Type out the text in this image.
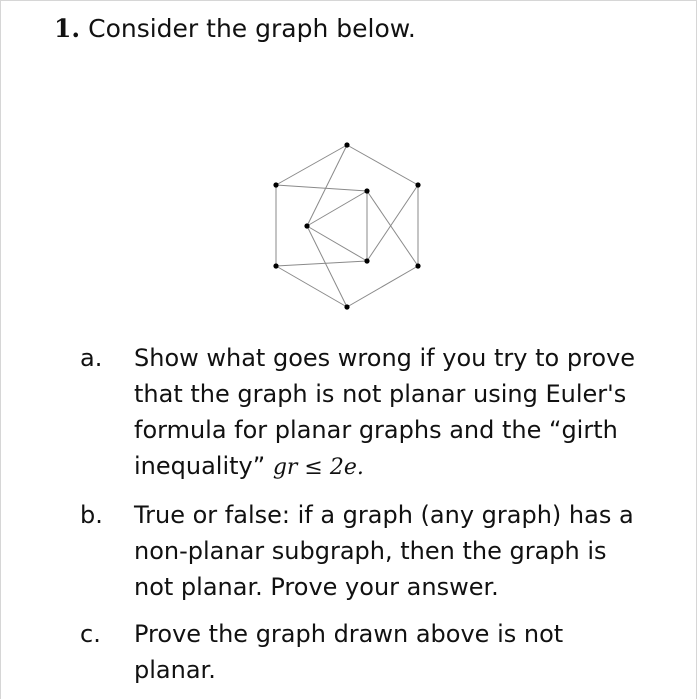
1. Consider the graph below.
a. Show what goes wrong if you try to prove that the graph is not planar using Euler's formula for planar graphs and the “girth inequality” gr ≤ 2e.
b. True or false: if a graph (any graph) has a non-planar subgraph, then the graph is not planar. Prove your answer.
c. Prove the graph drawn above is not planar.
